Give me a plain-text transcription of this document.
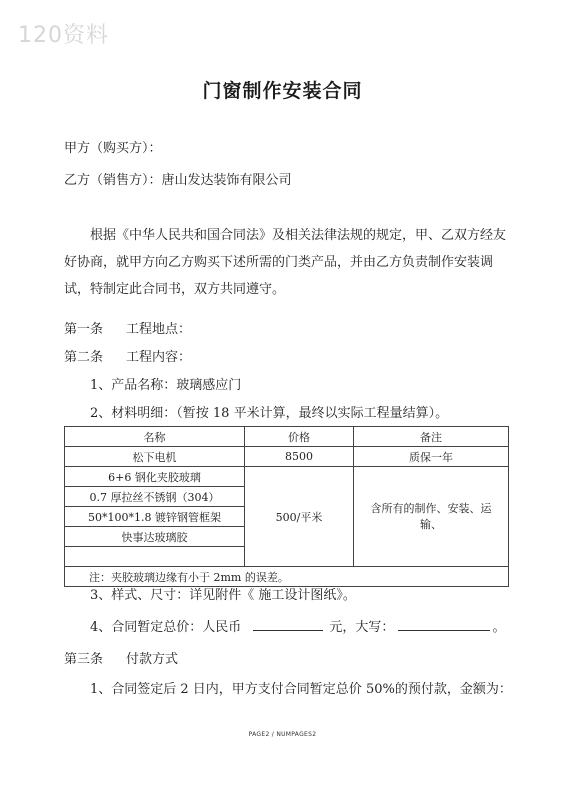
120资料
门窗制作安装合同
甲方（购买方）：
乙方（销售方）：唐山发达装饰有限公司
根据《中华人民共和国合同法》及相关法律法规的规定，甲、乙双方经友好协商，就甲方向乙方购买下述所需的门类产品，并由乙方负责制作安装调试，特制定此合同书，双方共同遵守。
第一条 工程地点：
第二条 工程内容：
1、产品名称：玻璃感应门
2、材料明细：（暂按 18 平米计算，最终以实际工程量结算）。
名称	价格	备注
松下电机	8500	质保一年
6+6 钢化夹胶玻璃	500/平米	含所有的制作、安装、运输、
0.7 厚拉丝不锈钢（304）		
50*100*1.8 镀锌钢管框架		
快事达玻璃胶		

注：夹胶玻璃边缘有小于 2mm 的误差。		
3、样式、尺寸：详见附件《 施工设计图纸》。
4、合同暂定总价：人民币	元，大写：	。
第三条 付款方式
1、合同签定后 2 日内，甲方支付合同暂定总价 50%的预付款，金额为：
PAGE2 / NUMPAGES2
